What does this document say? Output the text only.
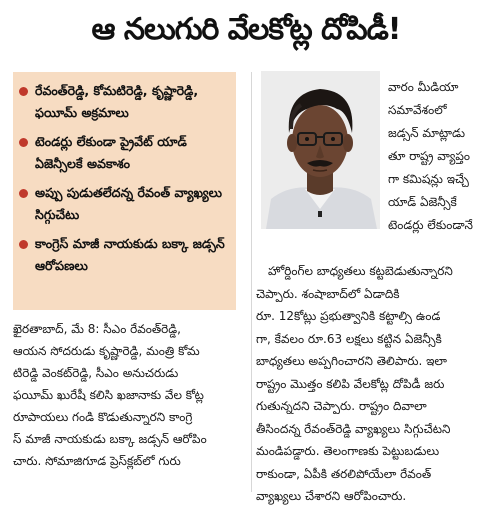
ఆ నలుగురి వేలకోట్ల దోపిడీ!
రేవంత్‌రెడ్డి, కోమటిరెడ్డి, కృష్ణారెడ్డి, ఫయీమ్ అక్రమాలు
టెండర్లు లేకుండా ప్రైవేట్ యాడ్ ఏజెన్సీలకే అవకాశం
అప్పు పుడుతలేదన్న రేవంత్ వ్యాఖ్యలు సిగ్గుచేటు
కాంగ్రెస్ మాజీ నాయకుడు బక్కా జడ్సన్ ఆరోపణలు
వారం మీడియా
సమావేశంలో
జడ్సన్ మాట్లాడు
తూ రాష్ట్ర వ్యాప్తం
గా కమిషన్లు ఇచ్చే
యాడ్ ఏజెన్సీకే
టెండర్లు లేకుండానే
హోర్డింగ్‌ల బాధ్యతలు కట్టబెడుతున్నారని
చెప్పారు. శంషాబాద్‌లో ఏడాదికి
రూ. 12కోట్లు ప్రభుత్వానికి కట్టాల్సి ఉండ
గా, కేవలం రూ.63 లక్షలు కట్టిన ఏజెన్సీకి
బాధ్యతలు అప్పగించారని తెలిపారు. ఇలా
రాష్ట్రం మొత్తం కలిపి వేలకోట్ల దోపిడీ జరు
గుతున్నదని చెప్పారు. రాష్ట్రం దివాలా
తీసిందన్న రేవంత్‌రెడ్డి వ్యాఖ్యలు సిగ్గుచేటని
మండిపడ్డారు. తెలంగాణకు పెట్టుబడులు
రాకుండా, ఏపీకి తరలిపోయేలా రేవంత్
వ్యాఖ్యలు చేశారని ఆరోపించారు.
ఖైరతాబాద్, మే 8: సీఎం రేవంత్‌రెడ్డి,
ఆయన సోదరుడు కృష్ణారెడ్డి, మంత్రి కోమ
టిరెడ్డి వెంకట్‌రెడ్డి, సీఎం అనుచరుడు
ఫయీమ్ ఖురేషీ కలిసి ఖజానాకు వేల కోట్ల
రూపాయలు గండి కొడుతున్నారని కాంగ్రె
స్ మాజీ నాయకుడు బక్కా జడ్సన్ ఆరోపిం
చారు. సోమాజిగూడ ప్రెస్‌క్లబ్‌లో గురు
